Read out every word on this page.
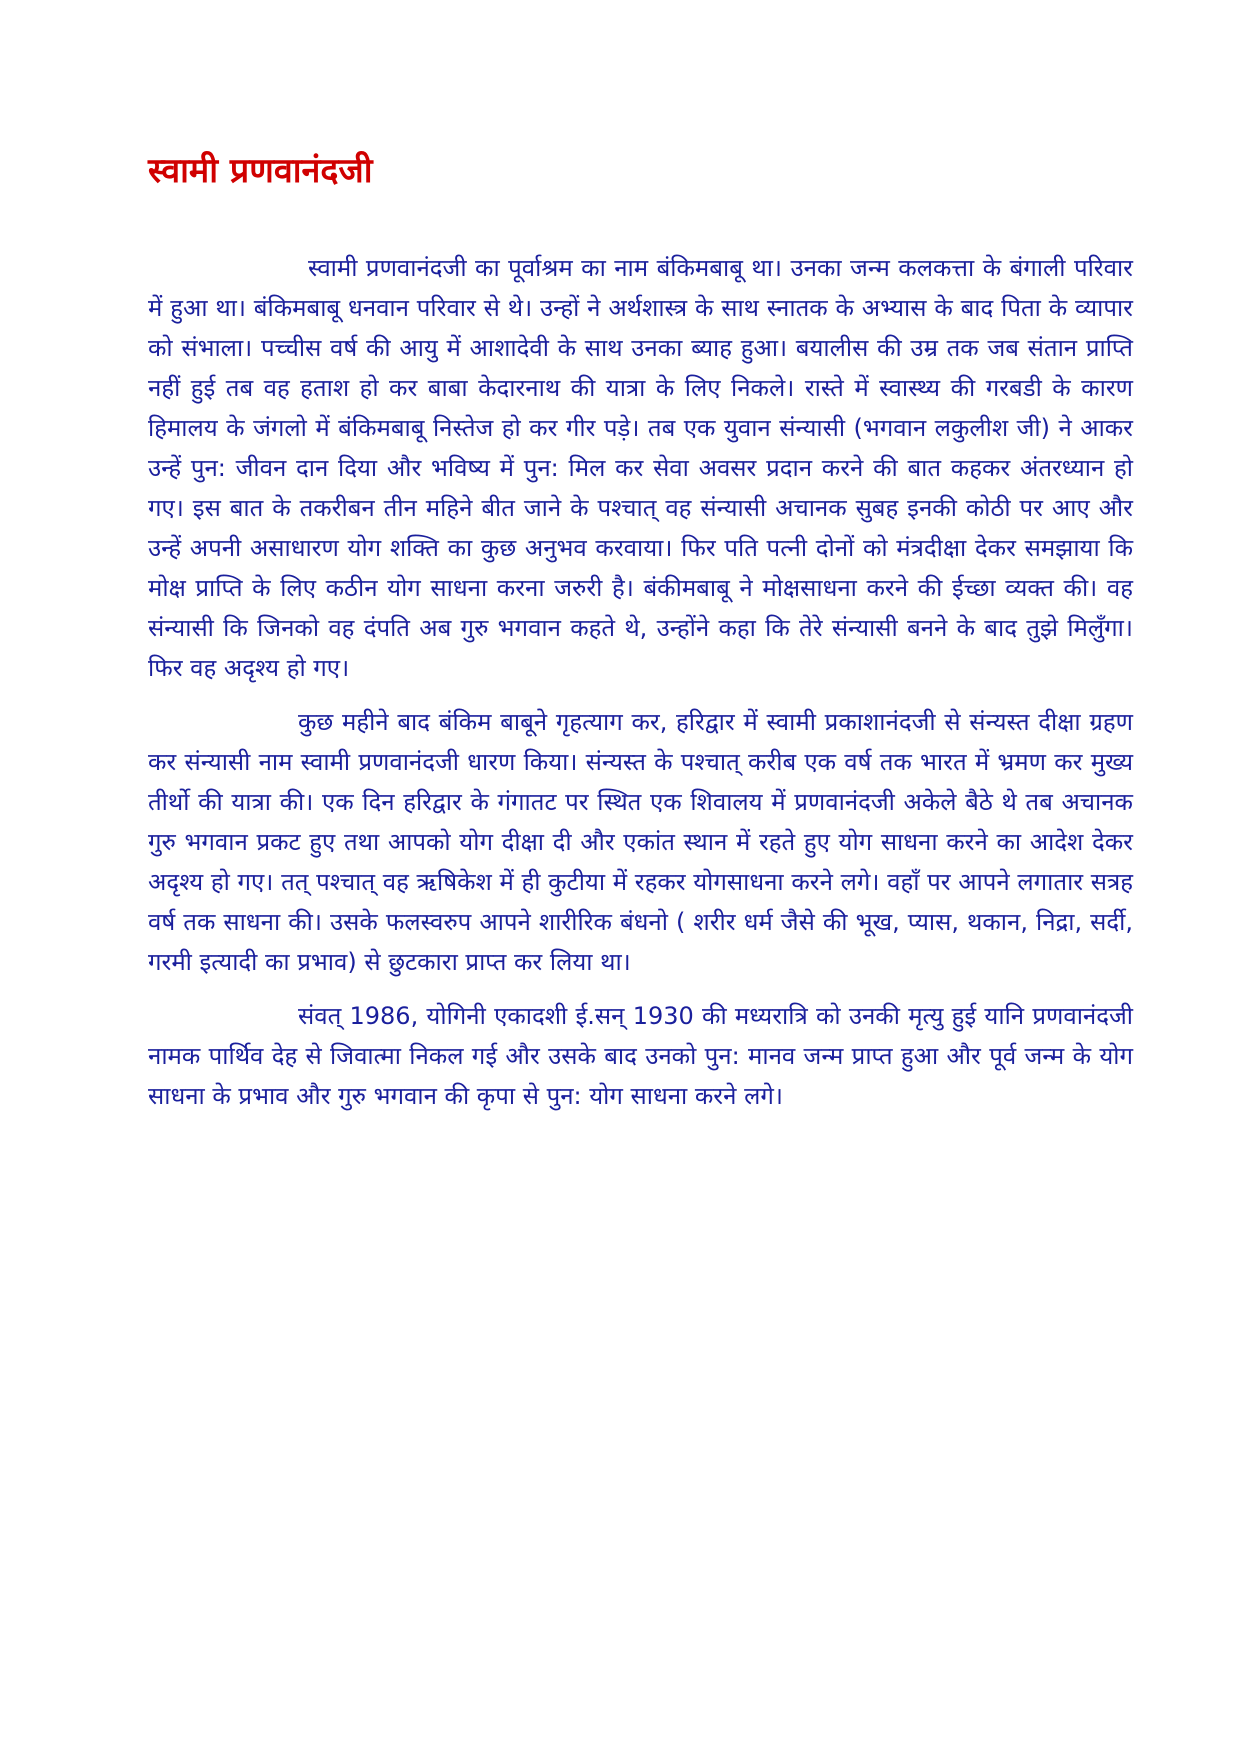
स्वामी प्रणवानंदजी

स्वामी प्रणवानंदजी का पूर्वाश्रम का नाम बंकिमबाबू था। उनका जन्म कलकत्ता के बंगाली परिवार में हुआ था। बंकिमबाबू धनवान परिवार से थे। उन्हों ने अर्थशास्त्र के साथ स्नातक के अभ्यास के बाद पिता के व्यापार को संभाला। पच्चीस वर्ष की आयु में आशादेवी के साथ उनका ब्याह हुआ। बयालीस की उम्र तक जब संतान प्राप्ति नहीं हुई तब वह हताश हो कर बाबा केदारनाथ की यात्रा के लिए निकले। रास्ते में स्वास्थ्य की गरबडी के कारण हिमालय के जंगलो में बंकिमबाबू निस्तेज हो कर गीर पड़े। तब एक युवान संन्यासी (भगवान लकुलीश जी) ने आकर उन्हें पुन: जीवन दान दिया और भविष्य में पुन: मिल कर सेवा अवसर प्रदान करने की बात कहकर अंतरध्यान हो गए। इस बात के तकरीबन तीन महिने बीत जाने के पश्चात् वह संन्यासी अचानक सुबह इनकी कोठी पर आए और उन्हें अपनी असाधारण योग शक्ति का कुछ अनुभव करवाया। फिर पति पत्नी दोनों को मंत्रदीक्षा देकर समझाया कि मोक्ष प्राप्ति के लिए कठीन योग साधना करना जरुरी है। बंकीमबाबू ने मोक्षसाधना करने की ईच्छा व्यक्त की। वह संन्यासी कि जिनको वह दंपति अब गुरु भगवान कहते थे, उन्होंने कहा कि तेरे संन्यासी बनने के बाद तुझे मिलुँगा। फिर वह अदृश्य हो गए।

कुछ महीने बाद बंकिम बाबूने गृहत्याग कर, हरिद्वार में स्वामी प्रकाशानंदजी से संन्यस्त दीक्षा ग्रहण कर संन्यासी नाम स्वामी प्रणवानंदजी धारण किया। संन्यस्त के पश्चात् करीब एक वर्ष तक भारत में भ्रमण कर मुख्य तीर्थो की यात्रा की। एक दिन हरिद्वार के गंगातट पर स्थित एक शिवालय में प्रणवानंदजी अकेले बैठे थे तब अचानक गुरु भगवान प्रकट हुए तथा आपको योग दीक्षा दी और एकांत स्थान में रहते हुए योग साधना करने का आदेश देकर अदृश्य हो गए। तत् पश्चात् वह ऋषिकेश में ही कुटीया में रहकर योगसाधना करने लगे। वहाँ पर आपने लगातार सत्रह वर्ष तक साधना की। उसके फलस्वरुप आपने शारीरिक बंधनो ( शरीर धर्म जैसे की भूख, प्यास, थकान, निद्रा, सर्दी, गरमी इत्यादी का प्रभाव) से छुटकारा प्राप्त कर लिया था।

संवत् 1986, योगिनी एकादशी ई.सन् 1930 की मध्यरात्रि को उनकी मृत्यु हुई यानि प्रणवानंदजी नामक पार्थिव देह से जिवात्मा निकल गई और उसके बाद उनको पुन: मानव जन्म प्राप्त हुआ और पूर्व जन्म के योग साधना के प्रभाव और गुरु भगवान की कृपा से पुन: योग साधना करने लगे।
